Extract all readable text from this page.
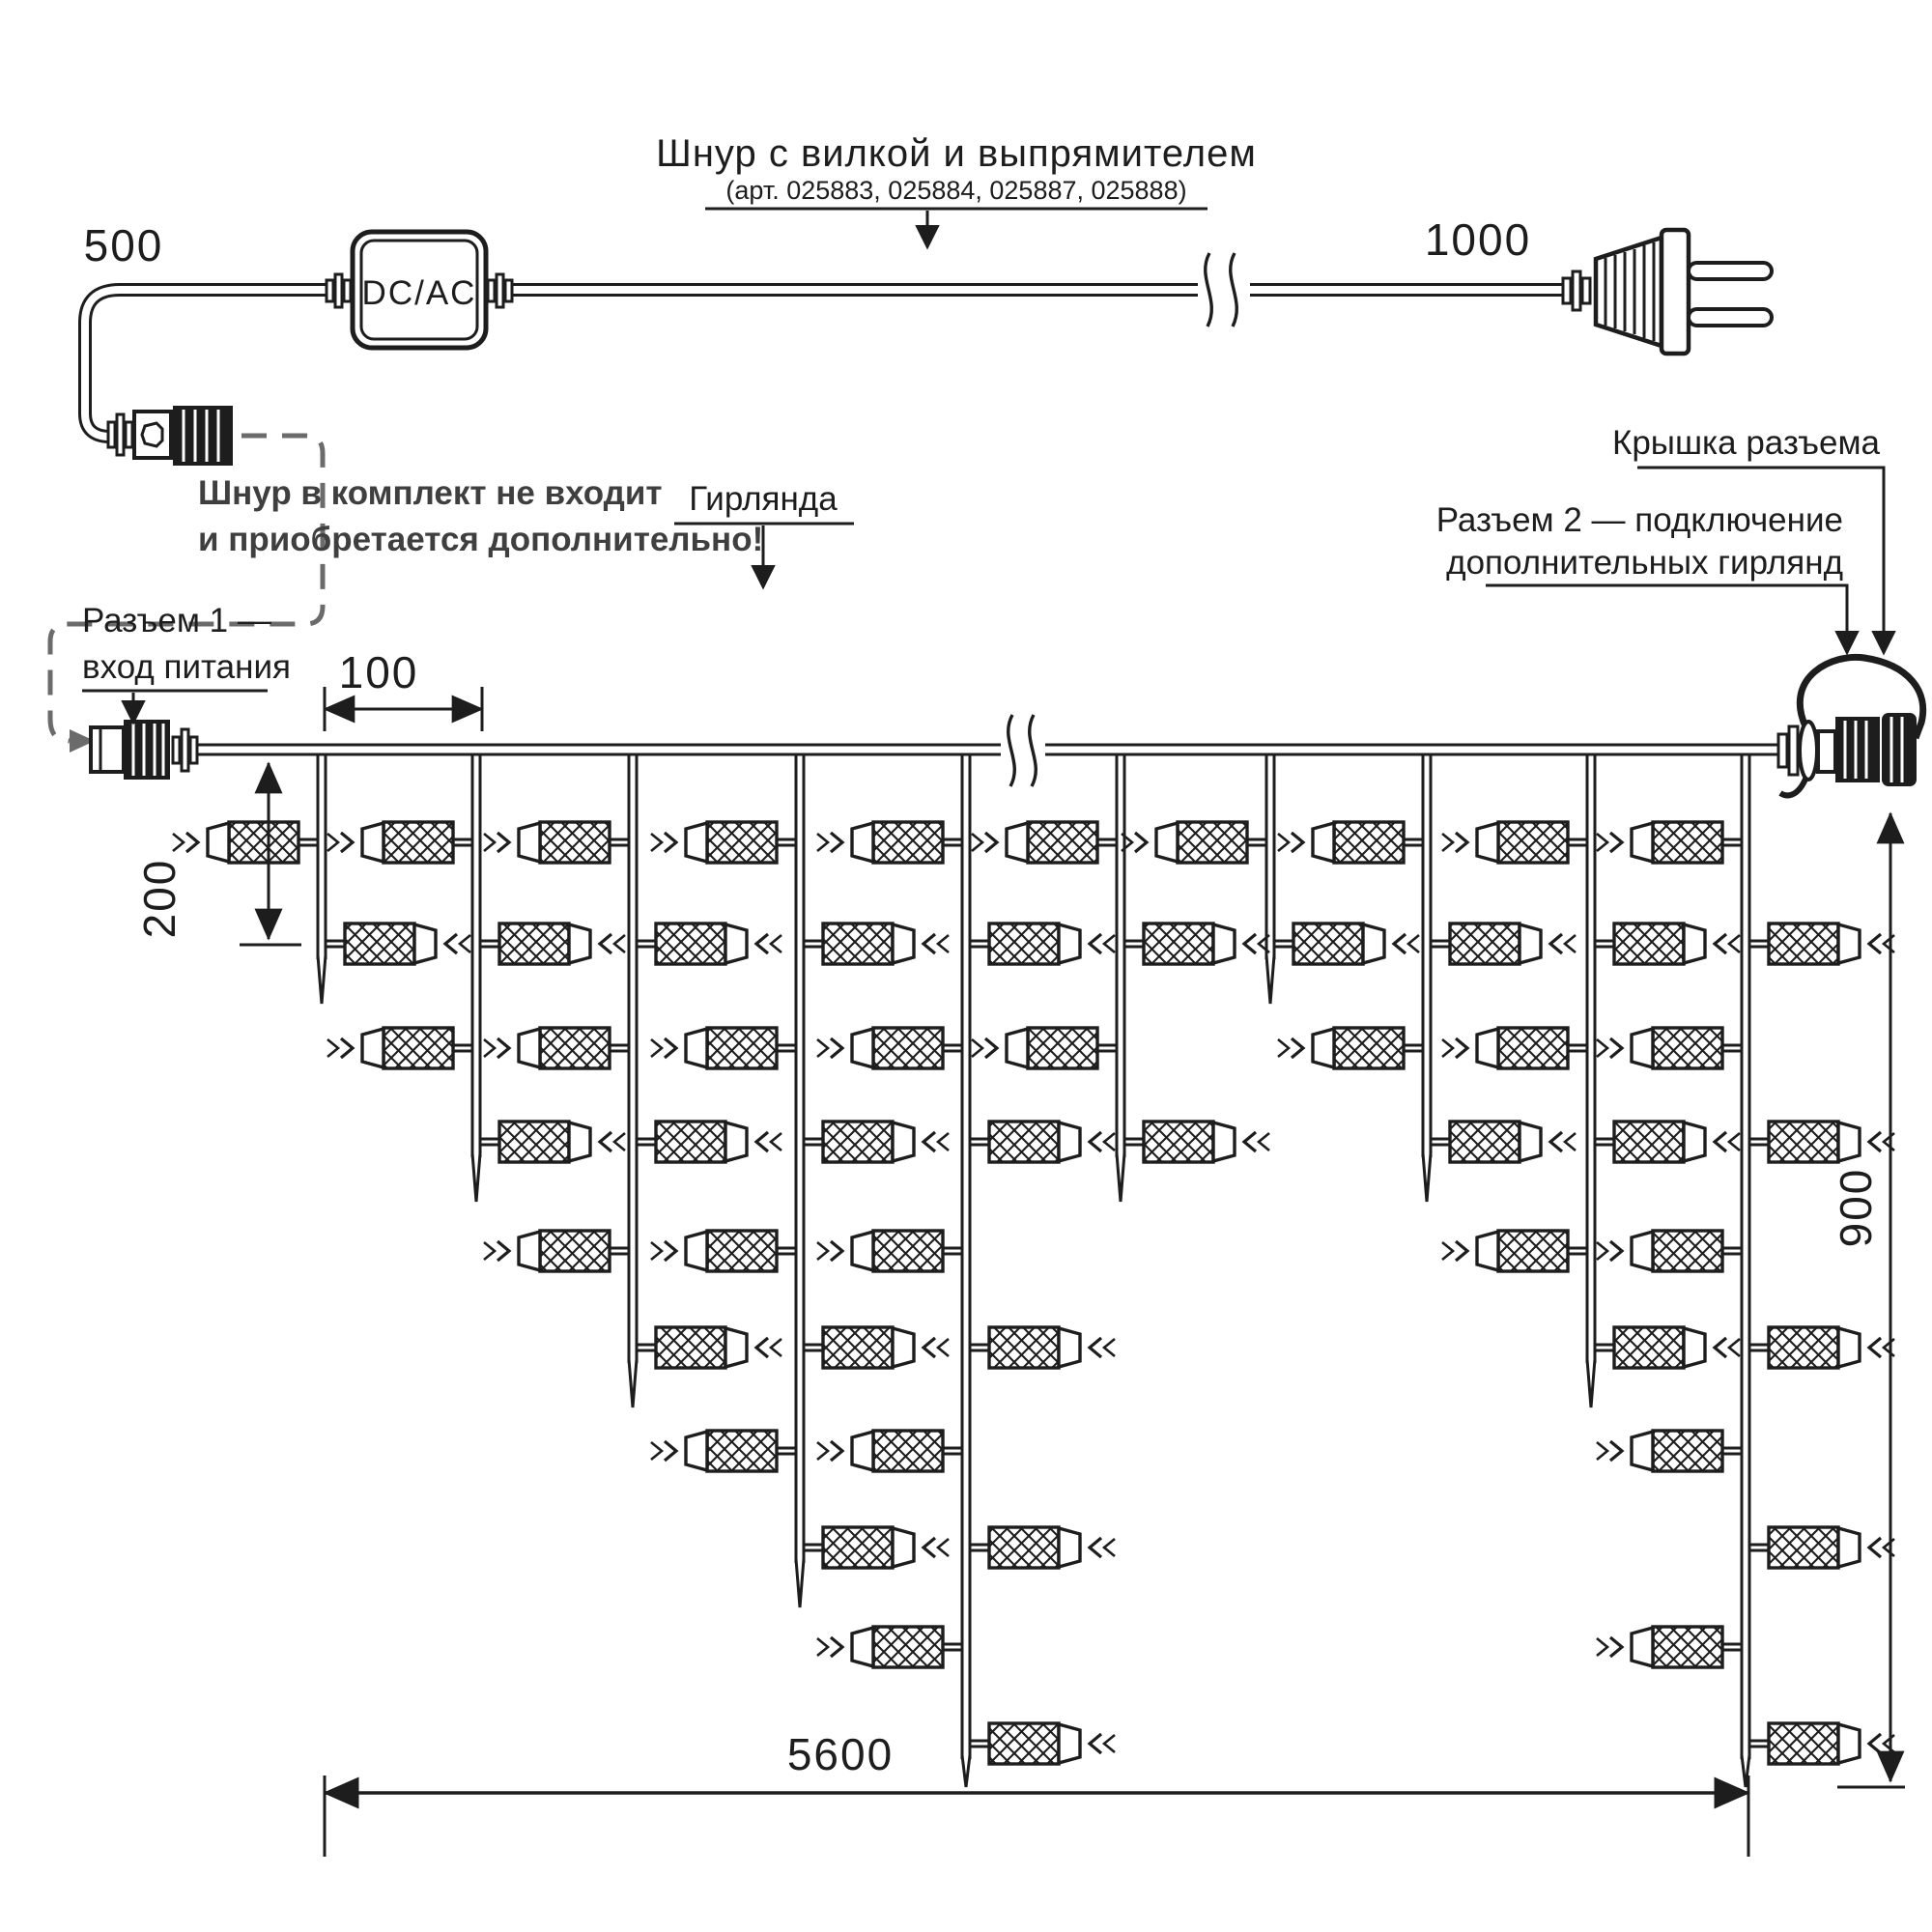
DC/AC
Шнур с вилкой и выпрямителем
(арт. 025883, 025884, 025887, 025888)
500	1000
Шнур в комплект не входит
и приобретается дополнительно!
Разъем 1 —
вход питания
Гирлянда
Крышка разъема
Разъем 2 — подключение
дополнительных гирлянд
100
200
900
5600
